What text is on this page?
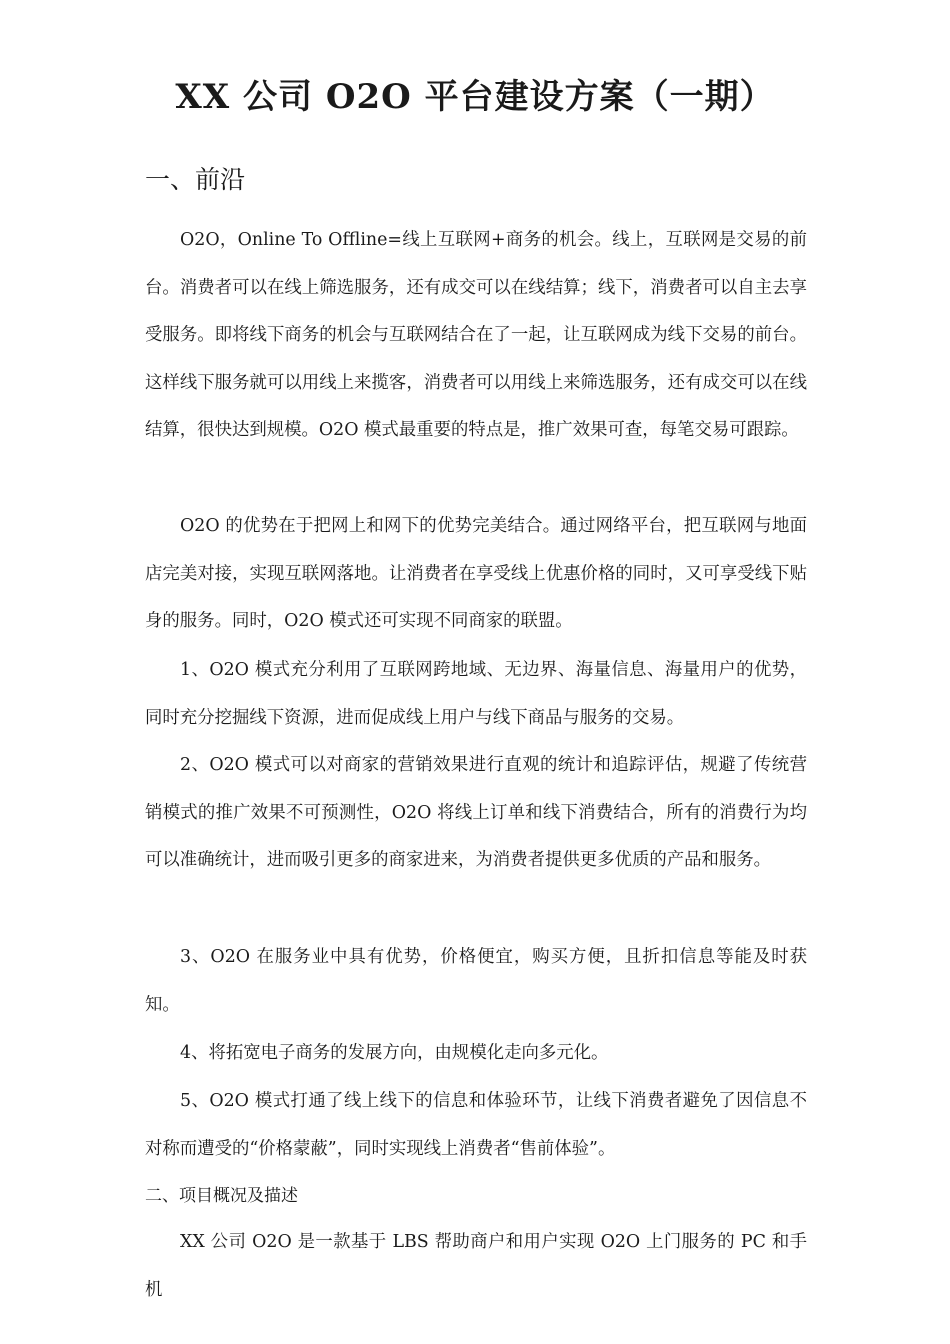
XX 公司 O2O 平台建设方案（一期）
一、前沿

O2O，Online To Offline=线上互联网+商务的机会。线上，互联网是交易的前台。消费者可以在线上筛选服务，还有成交可以在线结算；线下，消费者可以自主去享受服务。即将线下商务的机会与互联网结合在了一起，让互联网成为线下交易的前台。这样线下服务就可以用线上来揽客，消费者可以用线上来筛选服务，还有成交可以在线结算，很快达到规模。O2O 模式最重要的特点是，推广效果可查，每笔交易可跟踪。

O2O 的优势在于把网上和网下的优势完美结合。通过网络平台，把互联网与地面店完美对接，实现互联网落地。让消费者在享受线上优惠价格的同时，又可享受线下贴身的服务。同时，O2O 模式还可实现不同商家的联盟。

1、O2O 模式充分利用了互联网跨地域、无边界、海量信息、海量用户的优势，同时充分挖掘线下资源，进而促成线上用户与线下商品与服务的交易。

2、O2O 模式可以对商家的营销效果进行直观的统计和追踪评估，规避了传统营销模式的推广效果不可预测性，O2O 将线上订单和线下消费结合，所有的消费行为均可以准确统计，进而吸引更多的商家进来，为消费者提供更多优质的产品和服务。

3、O2O 在服务业中具有优势，价格便宜，购买方便，且折扣信息等能及时获知。

4、将拓宽电子商务的发展方向，由规模化走向多元化。

5、O2O 模式打通了线上线下的信息和体验环节，让线下消费者避免了因信息不对称而遭受的“价格蒙蔽”，同时实现线上消费者“售前体验”。

二、项目概况及描述

XX 公司 O2O 是一款基于 LBS 帮助商户和用户实现 O2O 上门服务的 PC 和手机
